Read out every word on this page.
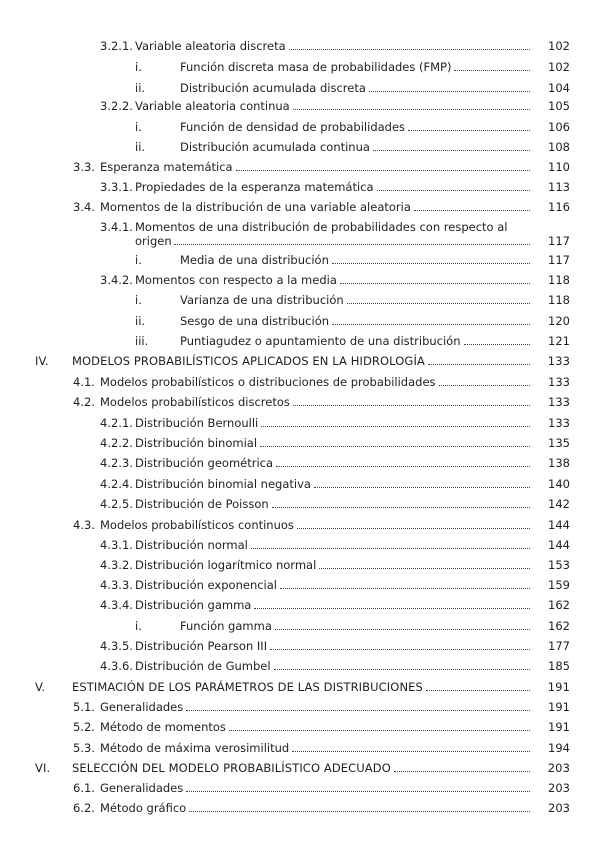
3.2.1. Variable aleatoria discreta	102
i.	Función discreta masa de probabilidades (FMP)	102
ii.	Distribución acumulada discreta	104
3.2.2. Variable aleatoria continua	105
i.	Función de densidad de probabilidades	106
ii.	Distribución acumulada continua	108
3.3. Esperanza matemática	110
3.3.1. Propiedades de la esperanza matemática	113
3.4. Momentos de la distribución de una variable aleatoria	116
3.4.1. Momentos de una distribución de probabilidades con respecto al
origen	117
i.	Media de una distribución	117
3.4.2. Momentos con respecto a la media	118
i.	Varianza de una distribución	118
ii.	Sesgo de una distribución	120
iii.	Puntiagudez o apuntamiento de una distribución	121
IV. MODELOS PROBABILÍSTICOS APLICADOS EN LA HIDROLOGÍA	133
4.1. Modelos probabilísticos o distribuciones de probabilidades	133
4.2. Modelos probabilísticos discretos	133
4.2.1. Distribución Bernoulli	133
4.2.2. Distribución binomial	135
4.2.3. Distribución geométrica	138
4.2.4. Distribución binomial negativa	140
4.2.5. Distribución de Poisson	142
4.3. Modelos probabilísticos continuos	144
4.3.1. Distribución normal	144
4.3.2. Distribución logarítmico normal	153
4.3.3. Distribución exponencial	159
4.3.4. Distribución gamma	162
i.	Función gamma	162
4.3.5. Distribución Pearson III	177
4.3.6. Distribución de Gumbel	185
V. ESTIMACIÓN DE LOS PARÁMETROS DE LAS DISTRIBUCIONES	191
5.1. Generalidades	191
5.2. Método de momentos	191
5.3. Método de máxima verosimilitud	194
VI. SELECCIÓN DEL MODELO PROBABILÍSTICO ADECUADO	203
6.1. Generalidades	203
6.2. Método gráfico	203
